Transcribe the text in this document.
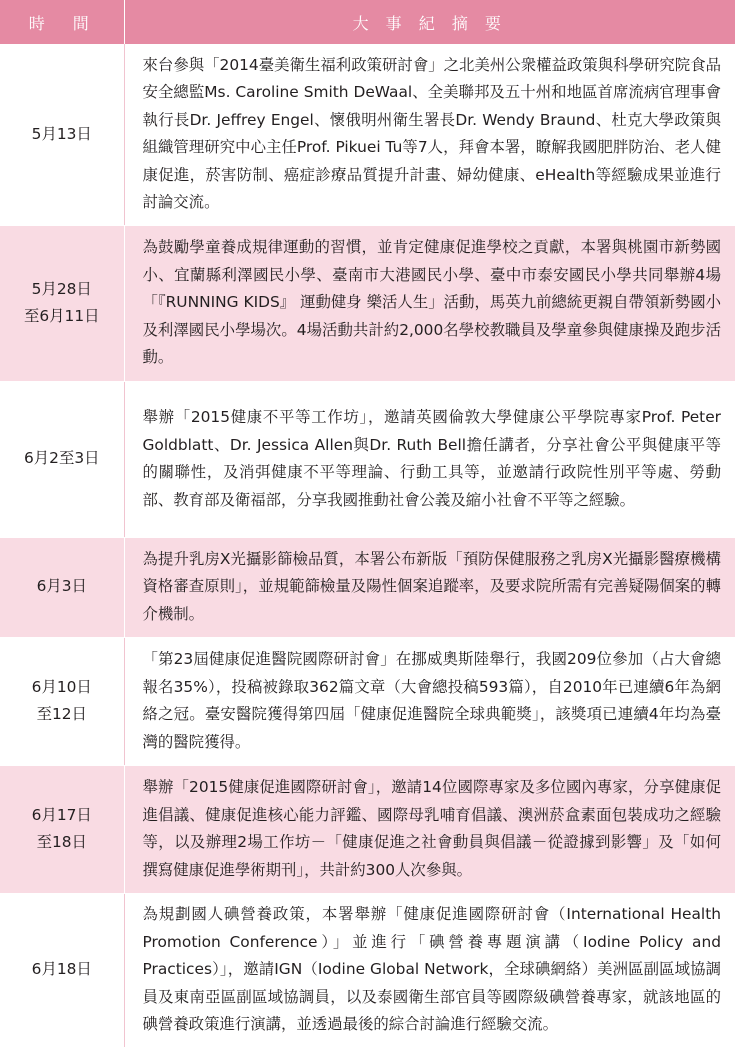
時　間	大 事 紀 摘 要

5月13日	來台參與「2014臺美衛生福利政策研討會」之北美州公衆權益政策與科學研究院食品安全總監Ms. Caroline Smith DeWaal、全美聯邦及五十州和地區首席流病官理事會執行長Dr. Jeffrey Engel、懷俄明州衛生署長Dr. Wendy Braund、杜克大學政策與組織管理研究中心主任Prof. Pikuei Tu等7人，拜會本署，瞭解我國肥胖防治、老人健康促進，菸害防制、癌症診療品質提升計畫、婦幼健康、eHealth等經驗成果並進行討論交流。

5月28日
至6月11日	為鼓勵學童養成規律運動的習慣，並肯定健康促進學校之貢獻，本署與桃園市新勢國小、宜蘭縣利澤國民小學、臺南市大港國民小學、臺中市泰安國民小學共同舉辦4場「『RUNNING KIDS』 運動健身 樂活人生」活動，馬英九前總統更親自帶領新勢國小及利澤國民小學場次。4場活動共計約2,000名學校教職員及學童參與健康操及跑步活動。

6月2至3日	舉辦「2015健康不平等工作坊」，邀請英國倫敦大學健康公平學院專家Prof. Peter Goldblatt、Dr. Jessica Allen與Dr. Ruth Bell擔任講者，分享社會公平與健康平等的關聯性，及消弭健康不平等理論、行動工具等，並邀請行政院性別平等處、勞動部、教育部及衛福部，分享我國推動社會公義及縮小社會不平等之經驗。

6月3日	為提升乳房X光攝影篩檢品質，本署公布新版「預防保健服務之乳房X光攝影醫療機構資格審查原則」，並規範篩檢量及陽性個案追蹤率，及要求院所需有完善疑陽個案的轉介機制。

6月10日
至12日	「第23屆健康促進醫院國際研討會」在挪威奧斯陸舉行，我國209位參加（占大會總報名35%），投稿被錄取362篇文章（大會總投稿593篇），自2010年已連續6年為網絡之冠。臺安醫院獲得第四屆「健康促進醫院全球典範獎」，該獎項已連續4年均為臺灣的醫院獲得。

6月17日
至18日	舉辦「2015健康促進國際研討會」，邀請14位國際專家及多位國內專家，分享健康促進倡議、健康促進核心能力評鑑、國際母乳哺育倡議、澳洲菸盒素面包裝成功之經驗等，以及辦理2場工作坊－「健康促進之社會動員與倡議－從證據到影響」及「如何撰寫健康促進學術期刊」，共計約300人次參與。

6月18日	為規劃國人碘營養政策，本署舉辦「健康促進國際研討會（International Health Promotion Conference）」並進行「碘營養專題演講（Iodine Policy and Practices）」，邀請IGN（Iodine Global Network，全球碘網絡）美洲區副區域協調員及東南亞區副區域協調員，以及泰國衛生部官員等國際級碘營養專家，就該地區的碘營養政策進行演講，並透過最後的綜合討論進行經驗交流。
